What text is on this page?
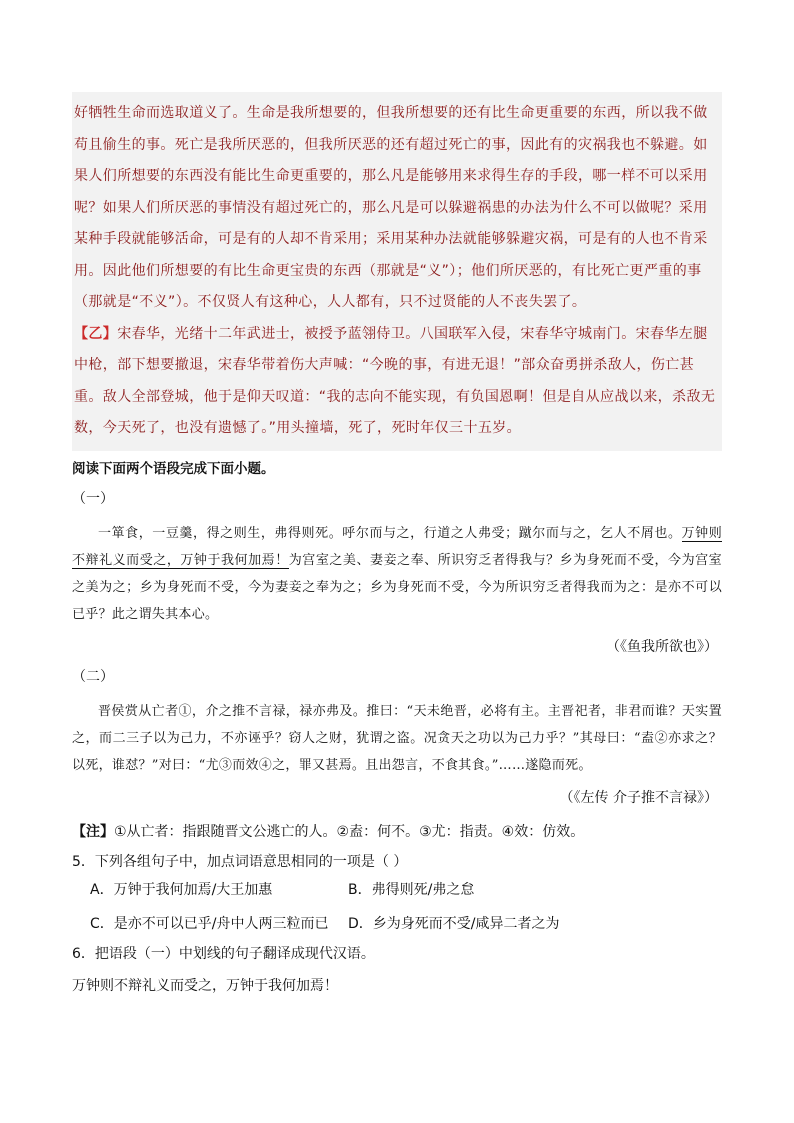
好牺牲生命而选取道义了。生命是我所想要的，但我所想要的还有比生命更重要的东西，所以我不做苟且偷生的事。死亡是我所厌恶的，但我所厌恶的还有超过死亡的事，因此有的灾祸我也不躲避。如果人们所想要的东西没有能比生命更重要的，那么凡是能够用来求得生存的手段，哪一样不可以采用呢？如果人们所厌恶的事情没有超过死亡的，那么凡是可以躲避祸患的办法为什么不可以做呢？采用某种手段就能够活命，可是有的人却不肯采用；采用某种办法就能够躲避灾祸，可是有的人也不肯采用。因此他们所想要的有比生命更宝贵的东西（那就是“义”）；他们所厌恶的，有比死亡更严重的事（那就是“不义”）。不仅贤人有这种心，人人都有，只不过贤能的人不丧失罢了。

【乙】宋春华，光绪十二年武进士，被授予蓝翎侍卫。八国联军入侵，宋春华守城南门。宋春华左腿中枪，部下想要撤退，宋春华带着伤大声喊：“今晚的事，有进无退！”部众奋勇拼杀敌人，伤亡甚重。敌人全部登城，他于是仰天叹道：“我的志向不能实现，有负国恩啊！但是自从应战以来，杀敌无数，今天死了，也没有遗憾了。”用头撞墙，死了，死时年仅三十五岁。

阅读下面两个语段完成下面小题。

（一）

一箪食，一豆羹，得之则生，弗得则死。呼尔而与之，行道之人弗受；蹴尔而与之，乞人不屑也。万钟则不辩礼义而受之，万钟于我何加焉！为宫室之美、妻妾之奉、所识穷乏者得我与？乡为身死而不受，今为宫室之美为之；乡为身死而不受，今为妻妾之奉为之；乡为身死而不受，今为所识穷乏者得我而为之：是亦不可以已乎？此之谓失其本心。

（《鱼我所欲也》）

（二）

晋侯赏从亡者①，介之推不言禄，禄亦弗及。推曰：“天未绝晋，必将有主。主晋祀者，非君而谁？天实置之，而二三子以为己力，不亦诬乎？窃人之财，犹谓之盗。况贪天之功以为己力乎？”其母曰：“盍②亦求之？以死，谁怼？”对曰：“尤③而效④之，罪又甚焉。且出怨言，不食其食。”……遂隐而死。

（《左传 介子推不言禄》）

【注】①从亡者：指跟随晋文公逃亡的人。②盍：何不。③尤：指责。④效：仿效。

5．下列各组句子中，加点词语意思相同的一项是（ ）

A．万钟于我何加焉/大王加惠	B．弗得则死/弗之怠
C．是亦不可以已乎/舟中人两三粒而已	D．乡为身死而不受/咸异二者之为

6．把语段（一）中划线的句子翻译成现代汉语。

万钟则不辩礼义而受之，万钟于我何加焉！
